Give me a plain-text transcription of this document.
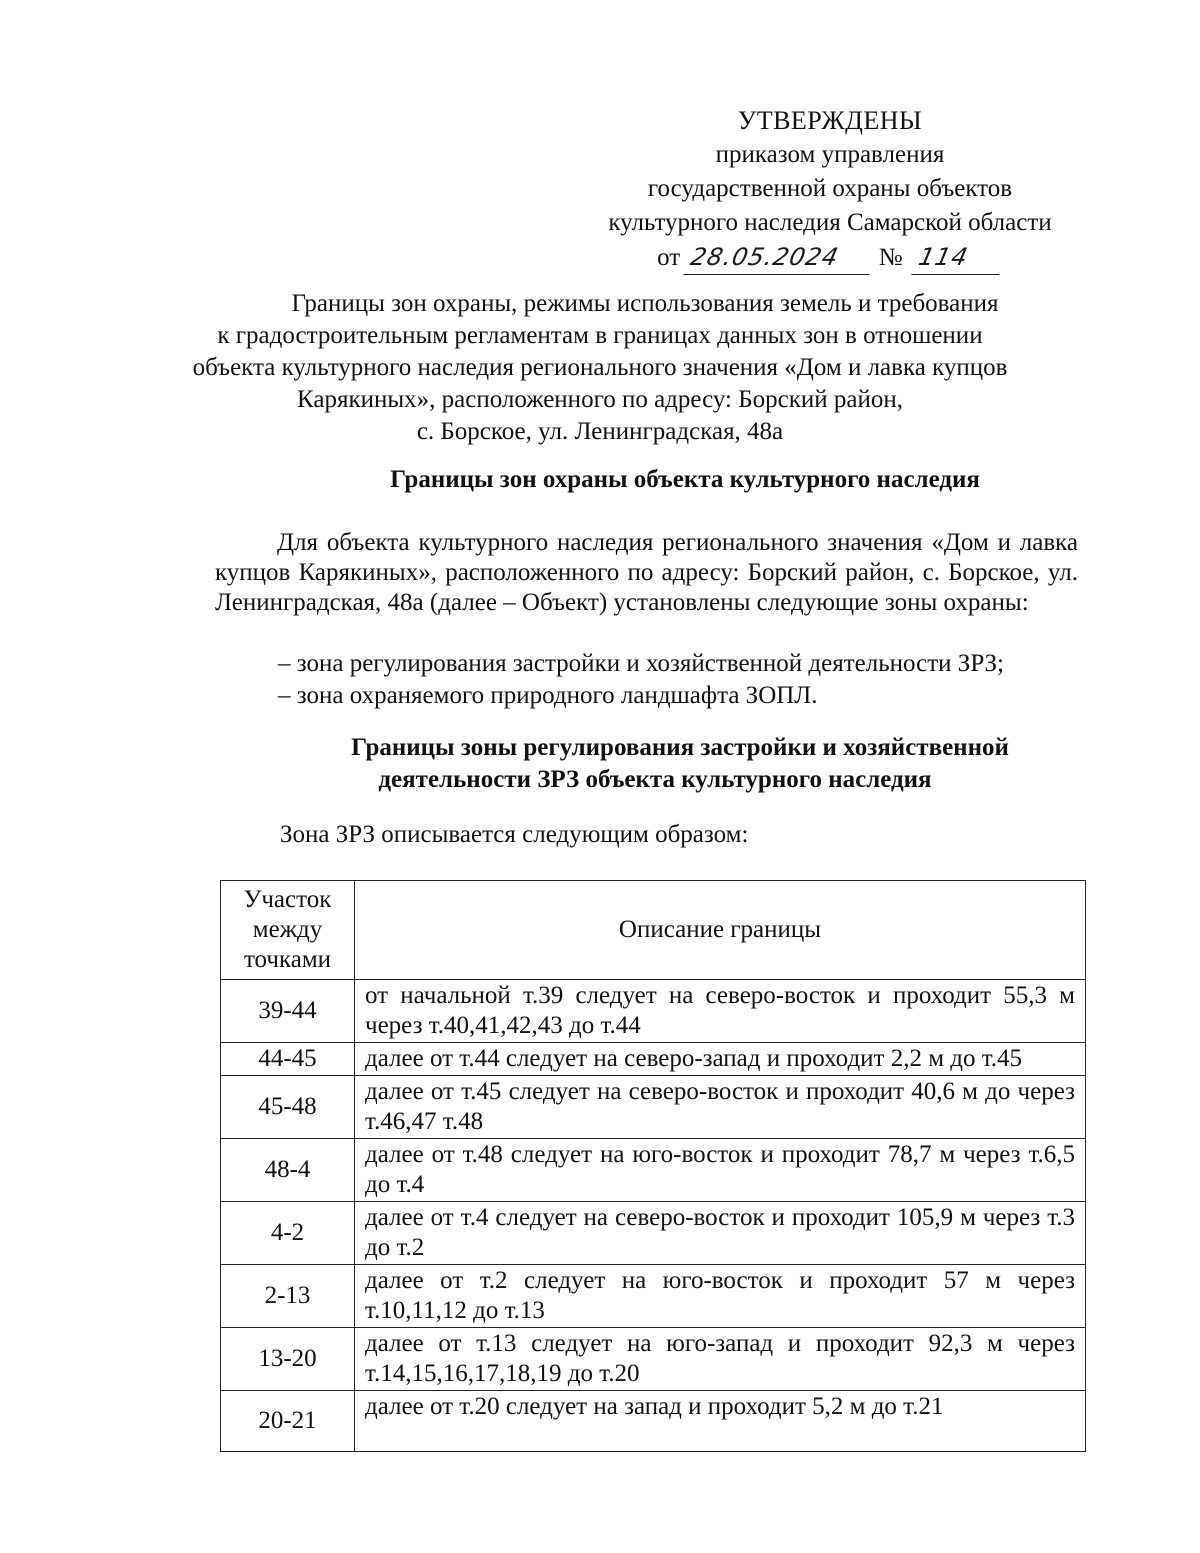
УТВЕРЖДЕНЫ
приказом управления
государственной охраны объектов
культурного наследия Самарской области
от 28.05.2024 № 114
Границы зон охраны, режимы использования земель и требования
к градостроительным регламентам в границах данных зон в отношении
объекта культурного наследия регионального значения «Дом и лавка купцов
Карякиных», расположенного по адресу: Борский район,
с. Борское, ул. Ленинградская, 48а
Границы зон охраны объекта культурного наследия
Для объекта культурного наследия регионального значения «Дом и лавка купцов Карякиных», расположенного по адресу: Борский район, с. Борское, ул. Ленинградская, 48а (далее – Объект) установлены следующие зоны охраны:
– зона регулирования застройки и хозяйственной деятельности ЗРЗ;
– зона охраняемого природного ландшафта ЗОПЛ.
Границы зоны регулирования застройки и хозяйственной
деятельности ЗРЗ объекта культурного наследия
Зона ЗРЗ описывается следующим образом:
Участок
между
точками	Описание границы
39-44	от начальной т.39 следует на северо-восток и проходит 55,3 м через т.40,41,42,43 до т.44
44-45	далее от т.44 следует на северо-запад и проходит 2,2 м до т.45
45-48	далее от т.45 следует на северо-восток и проходит 40,6 м до через т.46,47 т.48
48-4	далее от т.48 следует на юго-восток и проходит 78,7 м через т.6,5 до т.4
4-2	далее от т.4 следует на северо-восток и проходит 105,9 м через т.3 до т.2
2-13	далее от т.2 следует на юго-восток и проходит 57 м через т.10,11,12 до т.13
13-20	далее от т.13 следует на юго-запад и проходит 92,3 м через т.14,15,16,17,18,19 до т.20
20-21	далее от т.20 следует на запад и проходит 5,2 м до т.21
